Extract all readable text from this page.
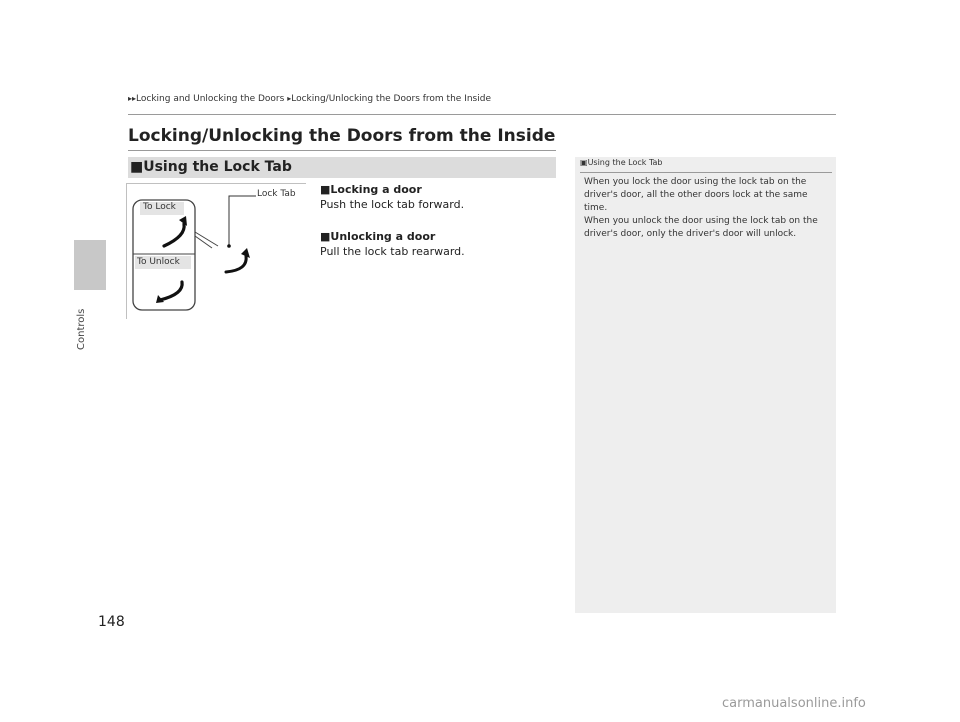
Controls
▸▸Locking and Unlocking the Doors ▸Locking/Unlocking the Doors from the Inside
Locking/Unlocking the Doors from the Inside
■Using the Lock Tab
Lock Tab
To Lock
To Unlock
■Locking a door
Push the lock tab forward.
■Unlocking a door
Pull the lock tab rearward.
▣Using the Lock Tab
When you lock the door using the lock tab on the driver's door, all the other doors lock at the same time.
When you unlock the door using the lock tab on the driver's door, only the driver's door will unlock.
148
carmanualsonline.info
